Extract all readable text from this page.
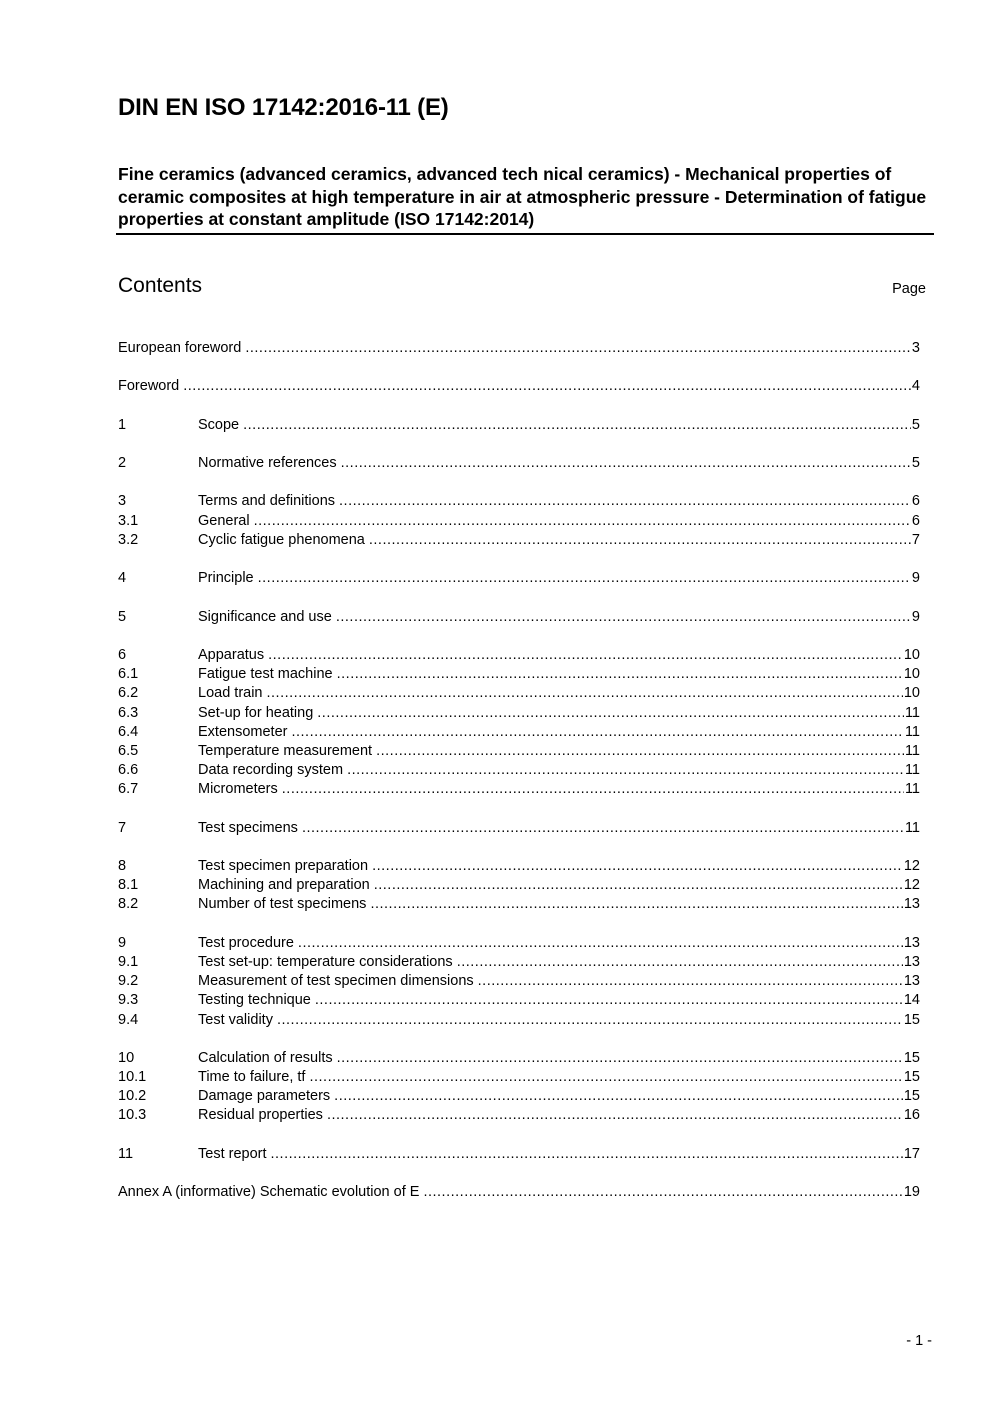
DIN EN ISO 17142:2016-11 (E)
Fine ceramics (advanced ceramics, advanced tech nical ceramics) - Mechanical properties of ceramic composites at high temperature in air at atmospheric pressure - Determination of fatigue properties at constant amplitude (ISO 17142:2014)
Contents	Page
European foreword .....	3
Foreword .....	4
1	Scope .....	5
2	Normative references .....	5
3	Terms and definitions .....	6
3.1	General .....	6
3.2	Cyclic fatigue phenomena .....	7
4	Principle .....	9
5	Significance and use .....	9
6	Apparatus .....	10
6.1	Fatigue test machine .....	10
6.2	Load train .....	10
6.3	Set-up for heating .....	11
6.4	Extensometer .....	11
6.5	Temperature measurement .....	11
6.6	Data recording system .....	11
6.7	Micrometers .....	11
7	Test specimens .....	11
8	Test specimen preparation .....	12
8.1	Machining and preparation .....	12
8.2	Number of test specimens .....	13
9	Test procedure .....	13
9.1	Test set-up: temperature considerations .....	13
9.2	Measurement of test specimen dimensions .....	13
9.3	Testing technique .....	14
9.4	Test validity .....	15
10	Calculation of results .....	15
10.1	Time to failure, tf .....	15
10.2	Damage parameters .....	15
10.3	Residual properties .....	16
11	Test report .....	17
Annex A (informative) Schematic evolution of E .....	19
- 1 -
